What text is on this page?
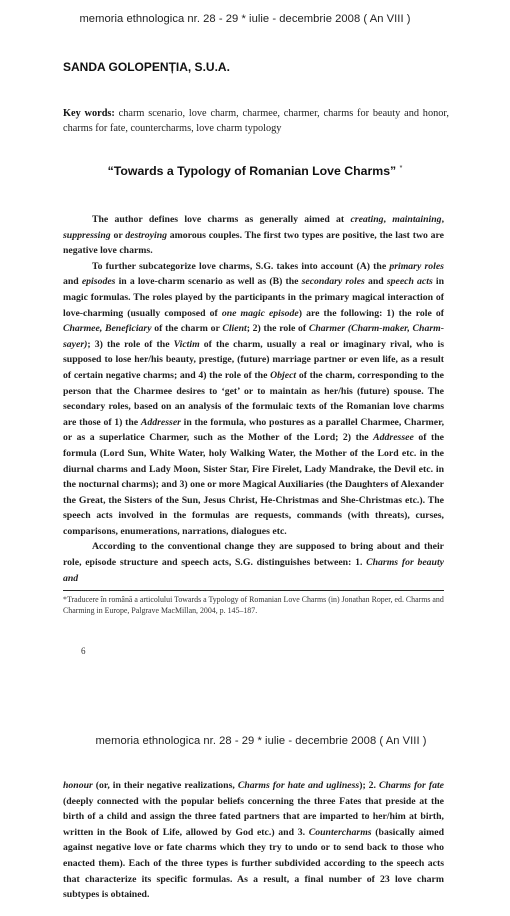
memoria ethnologica nr. 28 - 29 * iulie - decembrie 2008 ( An VIII )
SANDA GOLOPENȚIA, S.U.A.
Key words: charm scenario, love charm, charmee, charmer, charms for beauty and honor, charms for fate, countercharms, love charm typology
“Towards a Typology of Romanian Love Charms” *

The author defines love charms as generally aimed at creating, maintaining, suppressing or destroying amorous couples. The first two types are positive, the last two are negative love charms.

To further subcategorize love charms, S.G. takes into account (A) the primary roles and episodes in a love-charm scenario as well as (B) the secondary roles and speech acts in magic formulas. The roles played by the participants in the primary magical interaction of love-charming (usually composed of one magic episode) are the following: 1) the role of Charmee, Beneficiary of the charm or Client; 2) the role of Charmer (Charm-maker, Charm-sayer); 3) the role of the Victim of the charm, usually a real or imaginary rival, who is supposed to lose her/his beauty, prestige, (future) marriage partner or even life, as a result of certain negative charms; and 4) the role of the Object of the charm, corresponding to the person that the Charmee desires to ‘get’ or to maintain as her/his (future) spouse. The secondary roles, based on an analysis of the formulaic texts of the Romanian love charms are those of 1) the Addresser in the formula, who postures as a parallel Charmee, Charmer, or as a superlatice Charmer, such as the Mother of the Lord; 2) the Addressee of the formula (Lord Sun, White Water, holy Walking Water, the Mother of the Lord etc. in the diurnal charms and Lady Moon, Sister Star, Fire Firelet, Lady Mandrake, the Devil etc. in the nocturnal charms); and 3) one or more Magical Auxiliaries (the Daughters of Alexander the Great, the Sisters of the Sun, Jesus Christ, He-Christmas and She-Christmas etc.). The speech acts involved in the formulas are requests, commands (with threats), curses, comparisons, enumerations, narrations, dialogues etc.

According to the conventional change they are supposed to bring about and their role, episode structure and speech acts, S.G. distinguishes between: 1. Charms for beauty and

*Traducere în română a articolului Towards a Typology of Romanian Love Charms (in) Jonathan Roper, ed. Charms and Charming in Europe, Palgrave MacMillan, 2004, p. 145–187.
6
memoria ethnologica nr. 28 - 29 * iulie - decembrie 2008 ( An VIII )

honour (or, in their negative realizations, Charms for hate and ugliness); 2. Charms for fate (deeply connected with the popular beliefs concerning the three Fates that preside at the birth of a child and assign the three fated partners that are imparted to her/him at birth, written in the Book of Life, allowed by God etc.) and 3. Countercharms (basically aimed against negative love or fate charms which they try to undo or to send back to those who enacted them). Each of the three types is further subdivided according to the speech acts that characterize its specific formulas. As a result, a final number of 23 love charm subtypes is obtained.
